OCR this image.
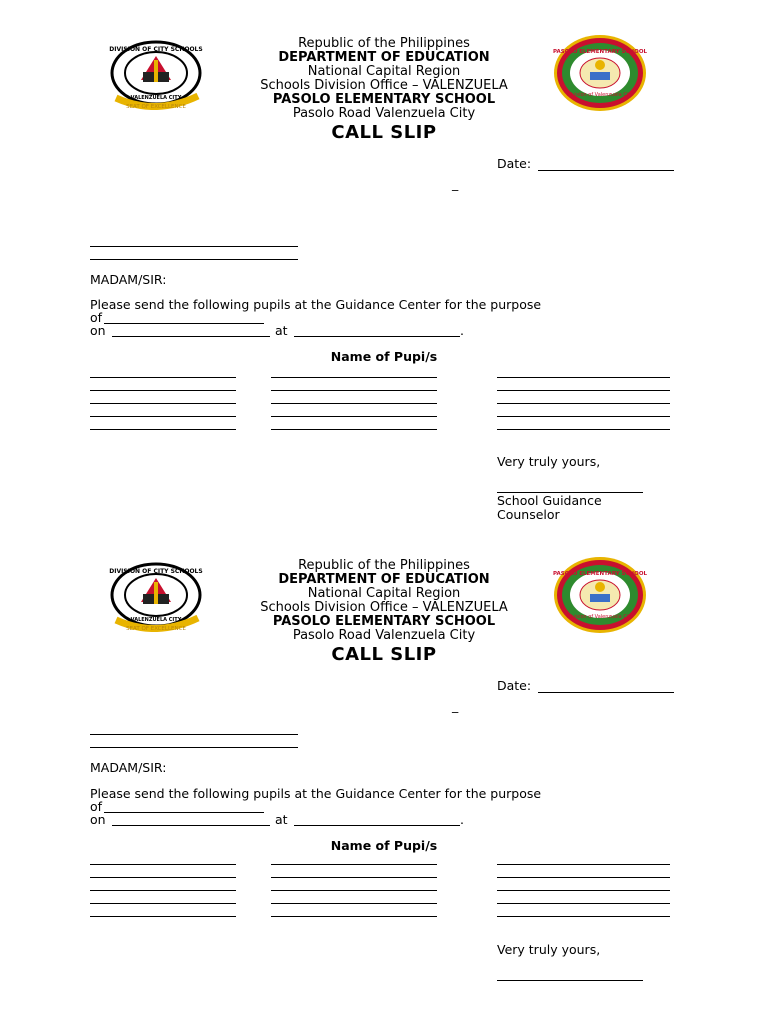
DIVISION OF CITY SCHOOLS
VALENZUELA CITY
SEAT OF EXCELLENCE
PASOLO ELEMENTARY SCHOOL
Division of Valenzuela City
Republic of the Philippines
DEPARTMENT OF EDUCATION
National Capital Region
Schools Division Office – VALENZUELA
PASOLO ELEMENTARY SCHOOL
Pasolo Road Valenzuela City
CALL SLIP
Date:
_
MADAM/SIR:
Please send the following pupils at the Guidance Center for the purpose
of
on	at	.
Name of Pupi/s
Very truly yours,
School Guidance
Counselor
DIVISION OF CITY SCHOOLS
VALENZUELA CITY
SEAT OF EXCELLENCE
PASOLO ELEMENTARY SCHOOL
Division of Valenzuela City
Republic of the Philippines
DEPARTMENT OF EDUCATION
National Capital Region
Schools Division Office – VALENZUELA
PASOLO ELEMENTARY SCHOOL
Pasolo Road Valenzuela City
CALL SLIP
Date:
_
MADAM/SIR:
Please send the following pupils at the Guidance Center for the purpose
of
on	at	.
Name of Pupi/s
Very truly yours,
